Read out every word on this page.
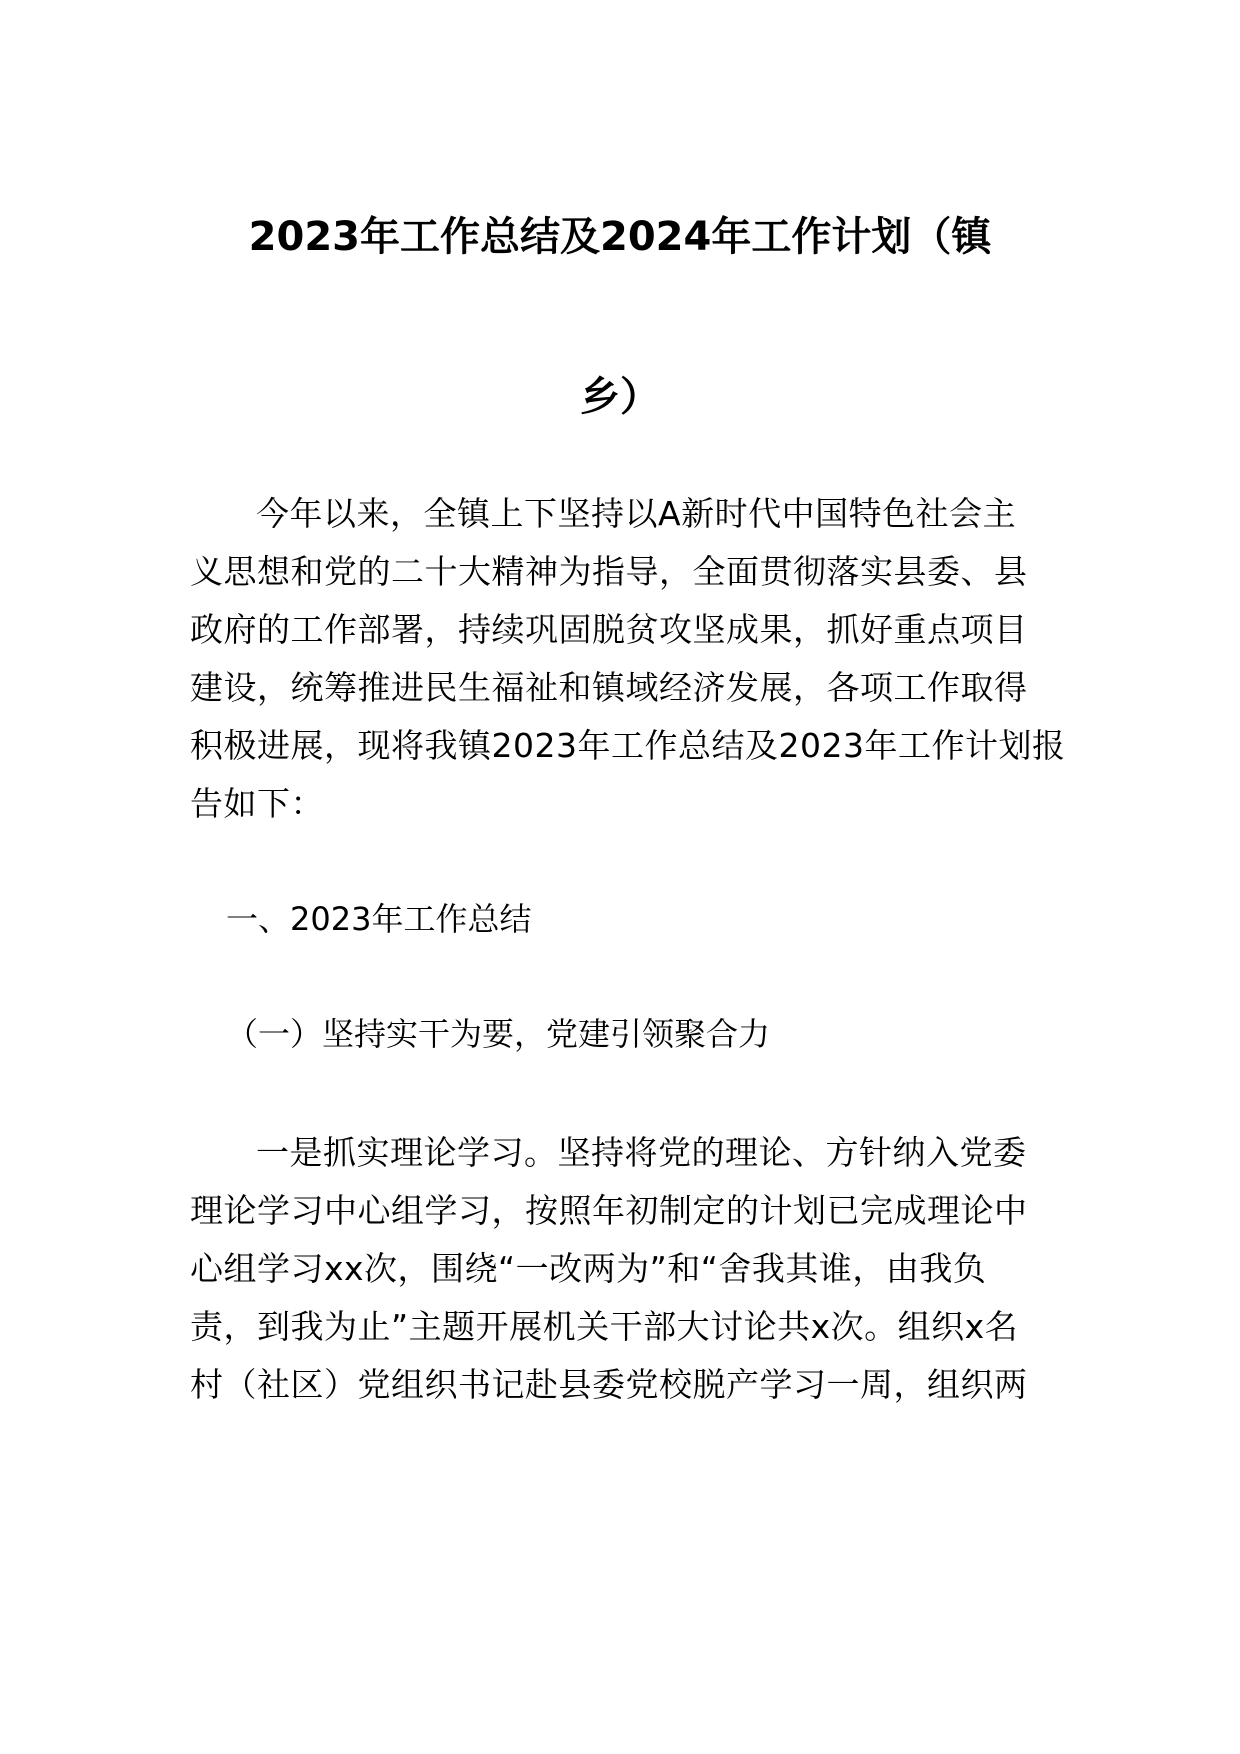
2023年工作总结及2024年工作计划（镇
乡）
今年以来，全镇上下坚持以A新时代中国特色社会主
义思想和党的二十大精神为指导，全面贯彻落实县委、县
政府的工作部署，持续巩固脱贫攻坚成果，抓好重点项目
建设，统筹推进民生福祉和镇域经济发展，各项工作取得
积极进展，现将我镇2023年工作总结及2023年工作计划报
告如下：
一、2023年工作总结
（一）坚持实干为要，党建引领聚合力
一是抓实理论学习。坚持将党的理论、方针纳入党委
理论学习中心组学习，按照年初制定的计划已完成理论中
心组学习xx次，围绕“一改两为”和“舍我其谁，由我负
责，到我为止”主题开展机关干部大讨论共x次。组织x名
村（社区）党组织书记赴县委党校脱产学习一周，组织两
